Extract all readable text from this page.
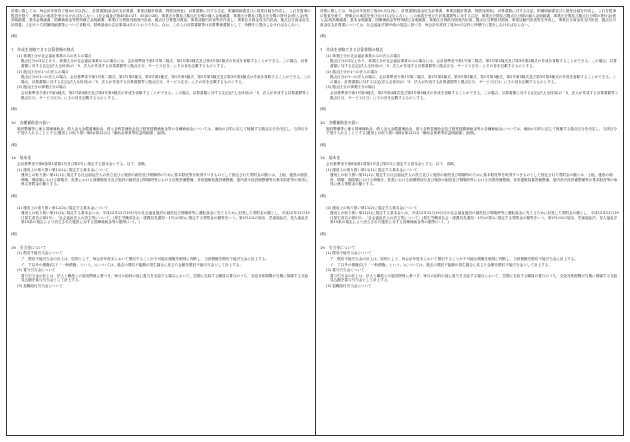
所要に際しては、毎会計年度終了後3か月以内に、計算書類(資金収支計算書、事業活動計算書、貸借対照表)、計算書類に対する注記、附属明細書並びに財産目録を作成し、これを監事の監査を経て、理事会の承認を受けなければならない。(社会福祉法第45条の27、45条の28)、事業区分間及び拠点区分間の繰入金明細書、事業区分間及び拠点区分間の貸付金(借入金)残高明細書、基本金明細書、国庫補助金等特別積立金明細書、事業区分貸借対照表内訳表、拠点区分貸借対照表、事業活動内訳表等を作成し、事業区分資金収支内訳表、拠点区分資金収支計算書。上記のうち附属明細書等について省略可。財務諸表の注記事項は次のとおりである。なお、これらの計算書類等は計算関係書類として、所轄庁に提出しなければならない。

(略)

7　作成を省略できる計算書類の様式

(1) 事業区分が社会福祉事業のみの法人の場合

拠点区分が2以上あり、事業区分が社会福祉事業のみの場合には、会計基準省令第1号第二様式、第2号第2様式及び第3号第2様式の作成を省略することができる。この場合、計算書類に対する注記(法人全体用)の「5．法人が作成する計算書類等と拠点区分、サービス区分」にその旨を記載するものとする。

(2) 拠点区分が1つの法人の場合

拠点区分が1つの法人の場合、会計基準省令第1号第二様式、第2号第2様式、第3号第2様式、第1号第3様式、第2号第3様式及び第3号第3様式の作成を省略することができる。この場合、計算書類に対する注記(法人全体用)の「5．法人が作成する計算書類等と拠点区分、サービス区分」にその旨を記載するものとする。

(3) 拠点区分の事業区分の場合

会計基準省令第1号第4様式、第2号第4様式及び第3号第4様式の作成を省略することができる。この場合、計算書類に対する注記(法人全体用)の「5．法人が作成する計算書類等と拠点区分、サービス区分」にその旨を記載するものとする。

(略)

10　各種補助金の扱い

施設整備等に係る国庫補助金、借入金元金償還補助金、借入金利息補助金及び経常経費補助金等の各種補助金については、補助の目的に応じて帰属する拠点区分を決定し、当該区分で受け入れることとする(運用上の取り扱い第8)(第12(1))「補助金事業等収益明細書」参照)。

(略)

14　基本金

会計基準省令第6条第1項第1号及び第2号に規定する基本金とする。以下、省略。

(1) 運用上の取り扱い第11(1)に規定する基本金について

運用上の取り扱い第11(1)に規定する社会福祉法人の設立並びに施設の創設及び増築時のために基本財産等を取得すべきものとして指定された寄附金の額とは、土地、施設の創設、増築、増改築における増築分、拡張における面積増加分及び施設の創設及び増築時等における初度設備整備、非常通報装置設備整備、屋内消火栓設備整備等の基本財産等の取得に係る寄附金の額とする。

(略)

(2) 運用上の取り扱い第11(2)に規定する基本金について

運用上の取り扱い第11(2)に規定する基本金とは、平成12年12月19日付の社会福祉施設の創設及び増築時等に運転資金に充てるために収受した寄附金の額とし、平成12年12月19日厚生省告示第2号…「社会福祉法人の設立等について」(厚生労働省社会・援護局長通知・1号)の第1に規定する寄附金の額等をいう。第2号の2の届出、児童福祉法、老人福祉法第15条の規定により設立された施設に対する国庫補助金等の額等(いう。)

(略)

19　引当金について

(1) 徴収不能引当金について

ア　徴収不能引当金の計上は、原則として、毎会計年度末において徴収することが不可能な債権を個別に判断し、当該債権を徴収不能引当金に計上する。

イ　ア以外の債権(以下「一般債権」という。)については、過去の徴収不能額の発生割合に応じた金額を徴収不能引当金として計上する。

(2) 賞与引当金について

賞与引当金の計上は、法人と職員との雇用関係に基づき、毎月の給料の他に賞与を支給する場合において、翌期に支給する職員の賞与のうち、支給対象期間が当期に帰属する支給見込額を賞与引当金として計上する。

(3) 退職給付引当金について

所要に際しては、毎会計年度終了後3か月以内に、計算書類(資金収支計算書、事業活動計算書、貸借対照表)、計算書類に対する注記、附属明細書並びに財産目録を作成し、これを監事の監査を経て、理事会の承認を受けなければならない。この承認を受けた計算書類等に対する注記、事業区分間及び拠点区分間の繰入金明細書、事業区分間及び拠点区分間の貸付金(借入金)残高明細書、基本金明細書、国庫補助金等特別積立金明細書、事業区分貸借対照表内訳表、拠点区分貸借対照表、事業活動内訳表等を作成し、事業区分資金収支内訳表、拠点区分資金収支計算書については、社会福祉法第59条の規定に基づき、毎会計年度終了後3か月以内に所轄庁に提出しなければならない。

(略)

7　作成を省略できる計算書類の様式

(1) 事業区分が社会福祉事業のみの法人の場合

拠点区分が2以上あり、事業区分が社会福祉事業のみの場合には、会計基準省令第1号第二様式、第2号第2様式及び第3号第2様式の作成を省略することができる。この場合、計算書類に対する注記(法人全体用)の「5．法人が作成する計算書類等と拠点区分、サービス区分」にその旨を記載するものとする。

(2) 拠点区分が1つの法人の場合

拠点区分が1つの法人の場合、会計基準省令第1号第二様式、第2号第2様式、第3号第2様式、第1号第3様式、第2号第3様式及び第3号第3様式の作成を省略することができる。この場合、計算書類に対する注記(法人全体用)の「5．法人が作成する計算書類等と拠点区分、サービス区分」にその旨を記載するものとする。

(3) 拠点区分の事業区分の場合

会計基準省令第1号第4様式、第2号第4様式及び第3号第4様式の作成を省略することができる。この場合、計算書類に対する注記(法人全体用)の「5．法人が作成する計算書類等と拠点区分、サービス区分」にその旨を記載するものとする。

(略)

10　各種補助金の扱い

施設整備等に係る国庫補助金、借入金元金償還補助金、借入金利息補助金及び経常経費補助金等の各種補助金については、補助の目的に応じて帰属する拠点区分を決定し、当該区分で受け入れることとする(運用上の取り扱い第8)(第12(1))「補助金事業等収益明細書」参照)。

(略)

14　基本金

会計基準省令第6条第1項第1号及び第2号に規定する基本金とする。以下、省略。

(1) 運用上の取り扱い第11(1)に規定する基本金について

運用上の取り扱い第11(1)に規定する社会福祉法人の設立並びに施設の創設及び増築時のために基本財産等を取得すべきものとして指定された寄附金の額とは、土地、施設の創設、増築、増改築における増築分、拡張における面積増加分及び施設の創設及び増築時等における初度設備整備、非常通報装置設備整備、屋内消火栓設備整備等の基本財産等の取得に係る寄附金の額とする。

(略)

(2) 運用上の取り扱い第11(2)に規定する基本金について

運用上の取り扱い第11(2)に規定する基本金とは、平成12年12月19日付の社会福祉施設の創設及び増築時等に運転資金に充てるために収受した寄附金の額とし、平成12年12月19日厚生省告示第2号…「社会福祉法人の設立等について」(厚生労働省社会・援護局長通知・1号)の第1に規定する寄附金の額等をいう。第2号の2の届出、児童福祉法、老人福祉法第15条の規定により設立された施設に対する国庫補助金等の額等(いう。)

(略)

19　引当金について

(1) 徴収不能引当金について

ア　徴収不能引当金の計上は、原則として、毎会計年度末において徴収することが不可能な債権を個別に判断し、当該債権を徴収不能引当金に計上する。

イ　ア以外の債権(以下「一般債権」という。)については、過去の徴収不能額の発生割合に応じた金額を徴収不能引当金として計上する。

(2) 賞与引当金について

賞与引当金の計上は、法人と職員との雇用関係に基づき、毎月の給料の他に賞与を支給する場合において、翌期に支給する職員の賞与のうち、支給対象期間が当期に帰属する支給見込額を賞与引当金として計上する。

(3) 退職給付引当金について
